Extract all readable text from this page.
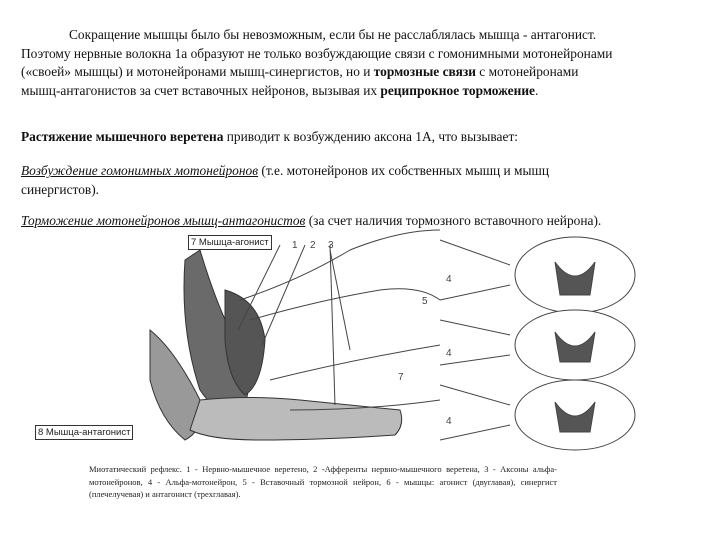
Сокращение мышцы было бы невозможным, если бы не расслаблялась мышца - антагонист. Поэтому нервные волокна 1а образуют не только возбуждающие связи с гомонимными мотонейронами («своей» мышцы) и мотонейронами мышц-синергистов, но и тормозные связи с мотонейронами мышц-антагонистов за счет вставочных нейронов, вызывая их реципрокное торможение.
Растяжение мышечного веретена приводит к возбуждению аксона 1А, что вызывает:
Возбуждение гомонимных мотонейронов (т.е. мотонейронов их собственных мышц и мышц синергистов).
Торможение мотонейронов мышц-антагонистов (за счет наличия тормозного вставочного нейрона).
1 2 3
4
5
4
7
4
7 Мышца-агонист
8 Мышца-антагонист
Миотатический рефлекс. 1 - Нервно-мышечное веретено, 2 -Афференты нервно-мышечного веретена, 3 - Аксоны альфа-мотонейронов, 4 - Альфа-мотонейрон, 5 - Вставочный тормозной нейрон, 6 - мышцы: агонист (двуглавая), синергист (плечелучевая) и антагонист (трехглавая).
